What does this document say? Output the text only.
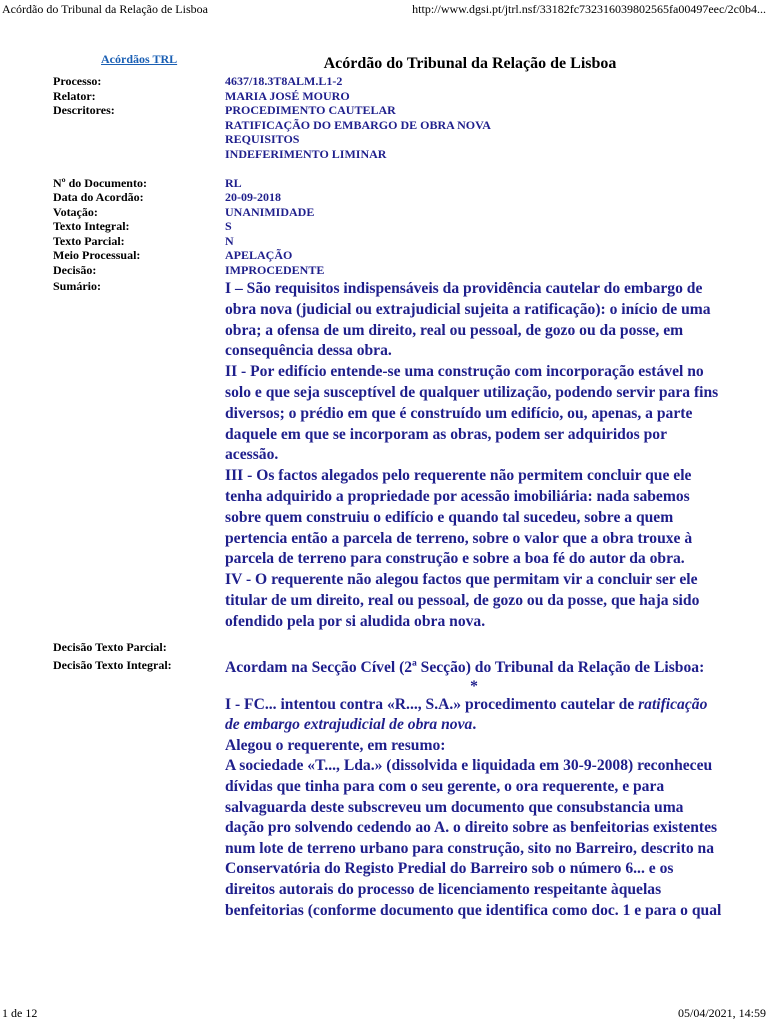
Acórdão do Tribunal da Relação de Lisboa	http://www.dgsi.pt/jtrl.nsf/33182fc732316039802565fa00497eec/2c0b4...
Acórdãos TRL	Acórdão do Tribunal da Relação de Lisboa
Processo:	4637/18.3T8ALM.L1-2
Relator:	MARIA JOSÉ MOURO
Descritores:	PROCEDIMENTO CAUTELAR
RATIFICAÇÃO DO EMBARGO DE OBRA NOVA
REQUISITOS
INDEFERIMENTO LIMINAR

Nº do Documento:	RL
Data do Acordão:	20-09-2018
Votação:	UNANIMIDADE
Texto Integral:	S
Texto Parcial:	N
Meio Processual:	APELAÇÃO
Decisão:	IMPROCEDENTE
Sumário:	I – São requisitos indispensáveis da providência cautelar do embargo de obra nova (judicial ou extrajudicial sujeita a ratificação): o início de uma obra; a ofensa de um direito, real ou pessoal, de gozo ou da posse, em consequência dessa obra.

II - Por edifício entende-se uma construção com incorporação estável no solo e que seja susceptível de qualquer utilização, podendo servir para fins diversos; o prédio em que é construído um edifício, ou, apenas, a parte daquele em que se incorporam as obras, podem ser adquiridos por acessão.

III - Os factos alegados pelo requerente não permitem concluir que ele tenha adquirido a propriedade por acessão imobiliária: nada sabemos sobre quem construiu o edifício e quando tal sucedeu, sobre a quem pertencia então a parcela de terreno, sobre o valor que a obra trouxe à parcela de terreno para construção e sobre a boa fé do autor da obra.

IV - O requerente não alegou factos que permitam vir a concluir ser ele titular de um direito, real ou pessoal, de gozo ou da posse, que haja sido ofendido pela por si aludida obra nova.

Decisão Texto Parcial:
Decisão Texto Integral:	Acordam na Secção Cível (2ª Secção) do Tribunal da Relação de Lisboa:

*

I - FC... intentou contra «R..., S.A.» procedimento cautelar de ratificação de embargo extrajudicial de obra nova.

Alegou o requerente, em resumo:

A sociedade «T..., Lda.» (dissolvida e liquidada em 30-9-2008) reconheceu dívidas que tinha para com o seu gerente, o ora requerente, e para salvaguarda deste subscreveu um documento que consubstancia uma dação pro solvendo cedendo ao A. o direito sobre as benfeitorias existentes num lote de terreno urbano para construção, sito no Barreiro, descrito na Conservatória do Registo Predial do Barreiro sob o número 6... e os direitos autorais do processo de licenciamento respeitante àquelas benfeitorias (conforme documento que identifica como doc. 1 e para o qual

1 de 12	05/04/2021, 14:59
